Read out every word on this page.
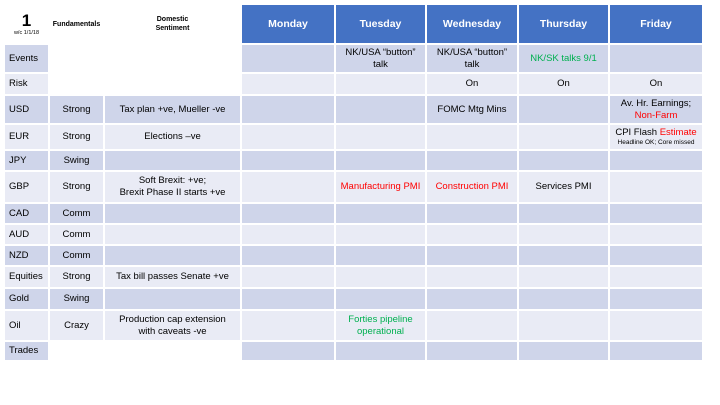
1
w/c 1/1/18	Fundamentals	Domestic
Sentiment	Monday	Tuesday	Wednesday	Thursday	Friday
Events				NK/USA “button” talk	NK/USA “button” talk	NK/SK talks 9/1	
Risk					On	On	On
USD	Strong	Tax plan +ve, Mueller -ve			FOMC Mtg Mins		Av. Hr. Earnings;
Non-Farm
EUR	Strong	Elections –ve					CPI Flash Estimate
Headline OK; Core missed

JPY	Swing						
GBP	Strong	Soft Brexit: +ve;
Brexit Phase II starts +ve		Manufacturing PMI	Construction PMI	Services PMI	
CAD	Comm						
AUD	Comm						
NZD	Comm						
Equities	Strong	Tax bill passes Senate +ve					
Gold	Swing						
Oil	Crazy	Production cap extension
with caveats -ve		Forties pipeline
operational			
Trades							
